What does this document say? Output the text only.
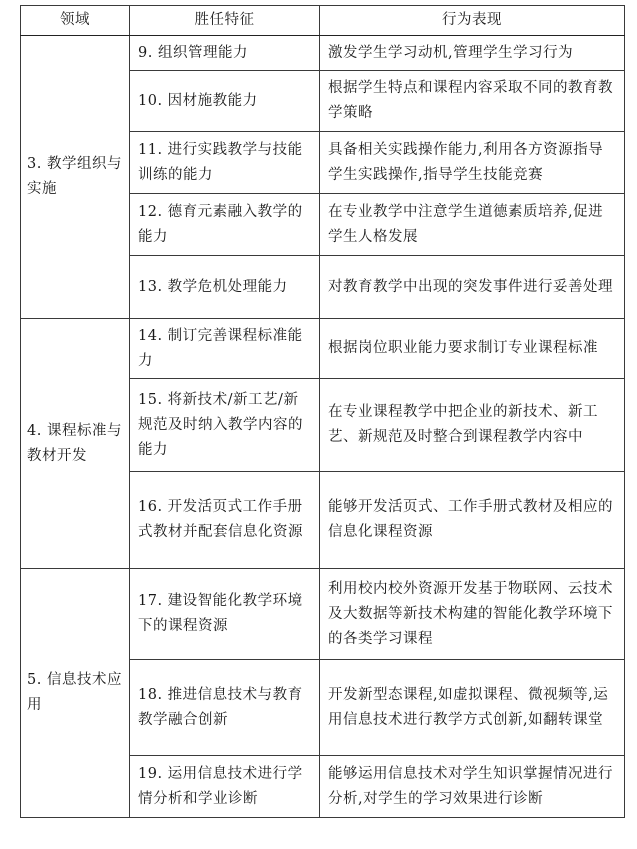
领域	胜任特征	行为表现
3. 教学组织与实施	9. 组织管理能力	激发学生学习动机,管理学生学习行为
	10. 因材施教能力	根据学生特点和课程内容采取不同的教育教学策略
	11. 进行实践教学与技能训练的能力	具备相关实践操作能力,利用各方资源指导学生实践操作,指导学生技能竞赛
	12. 德育元素融入教学的能力	在专业教学中注意学生道德素质培养,促进学生人格发展
	13. 教学危机处理能力	对教育教学中出现的突发事件进行妥善处理
4. 课程标准与教材开发	14. 制订完善课程标准能力	根据岗位职业能力要求制订专业课程标准
	15. 将新技术/新工艺/新规范及时纳入教学内容的能力	在专业课程教学中把企业的新技术、新工艺、新规范及时整合到课程教学内容中
	16. 开发活页式工作手册式教材并配套信息化资源	能够开发活页式、工作手册式教材及相应的信息化课程资源
5. 信息技术应用	17. 建设智能化教学环境下的课程资源	利用校内校外资源开发基于物联网、云技术及大数据等新技术构建的智能化教学环境下的各类学习课程
	18. 推进信息技术与教育教学融合创新	开发新型态课程,如虚拟课程、微视频等,运用信息技术进行教学方式创新,如翻转课堂
	19. 运用信息技术进行学情分析和学业诊断	能够运用信息技术对学生知识掌握情况进行分析,对学生的学习效果进行诊断
